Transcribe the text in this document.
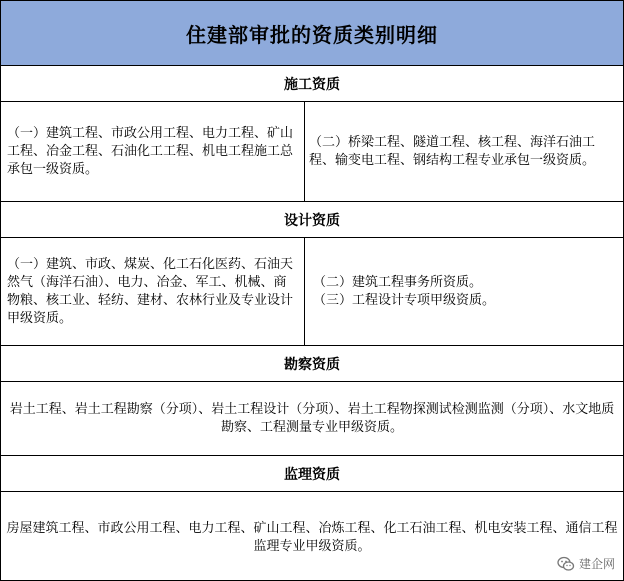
住建部审批的资质类别明细
施工资质
（一）建筑工程、市政公用工程、电力工程、矿山工程、冶金工程、石油化工工程、机电工程施工总承包一级资质。
（二）桥梁工程、隧道工程、核工程、海洋石油工程、输变电工程、钢结构工程专业承包一级资质。
设计资质
（一）建筑、市政、煤炭、化工石化医药、石油天然气（海洋石油）、电力、冶金、军工、机械、商物粮、核工业、轻纺、建材、农林行业及专业设计甲级资质。
（二）建筑工程事务所资质。
（三）工程设计专项甲级资质。
勘察资质
岩土工程、岩土工程勘察（分项）、岩土工程设计（分项）、岩土工程物探测试检测监测（分项）、水文地质勘察、工程测量专业甲级资质。
监理资质
房屋建筑工程、市政公用工程、电力工程、矿山工程、冶炼工程、化工石油工程、机电安装工程、通信工程监理专业甲级资质。
建企网
